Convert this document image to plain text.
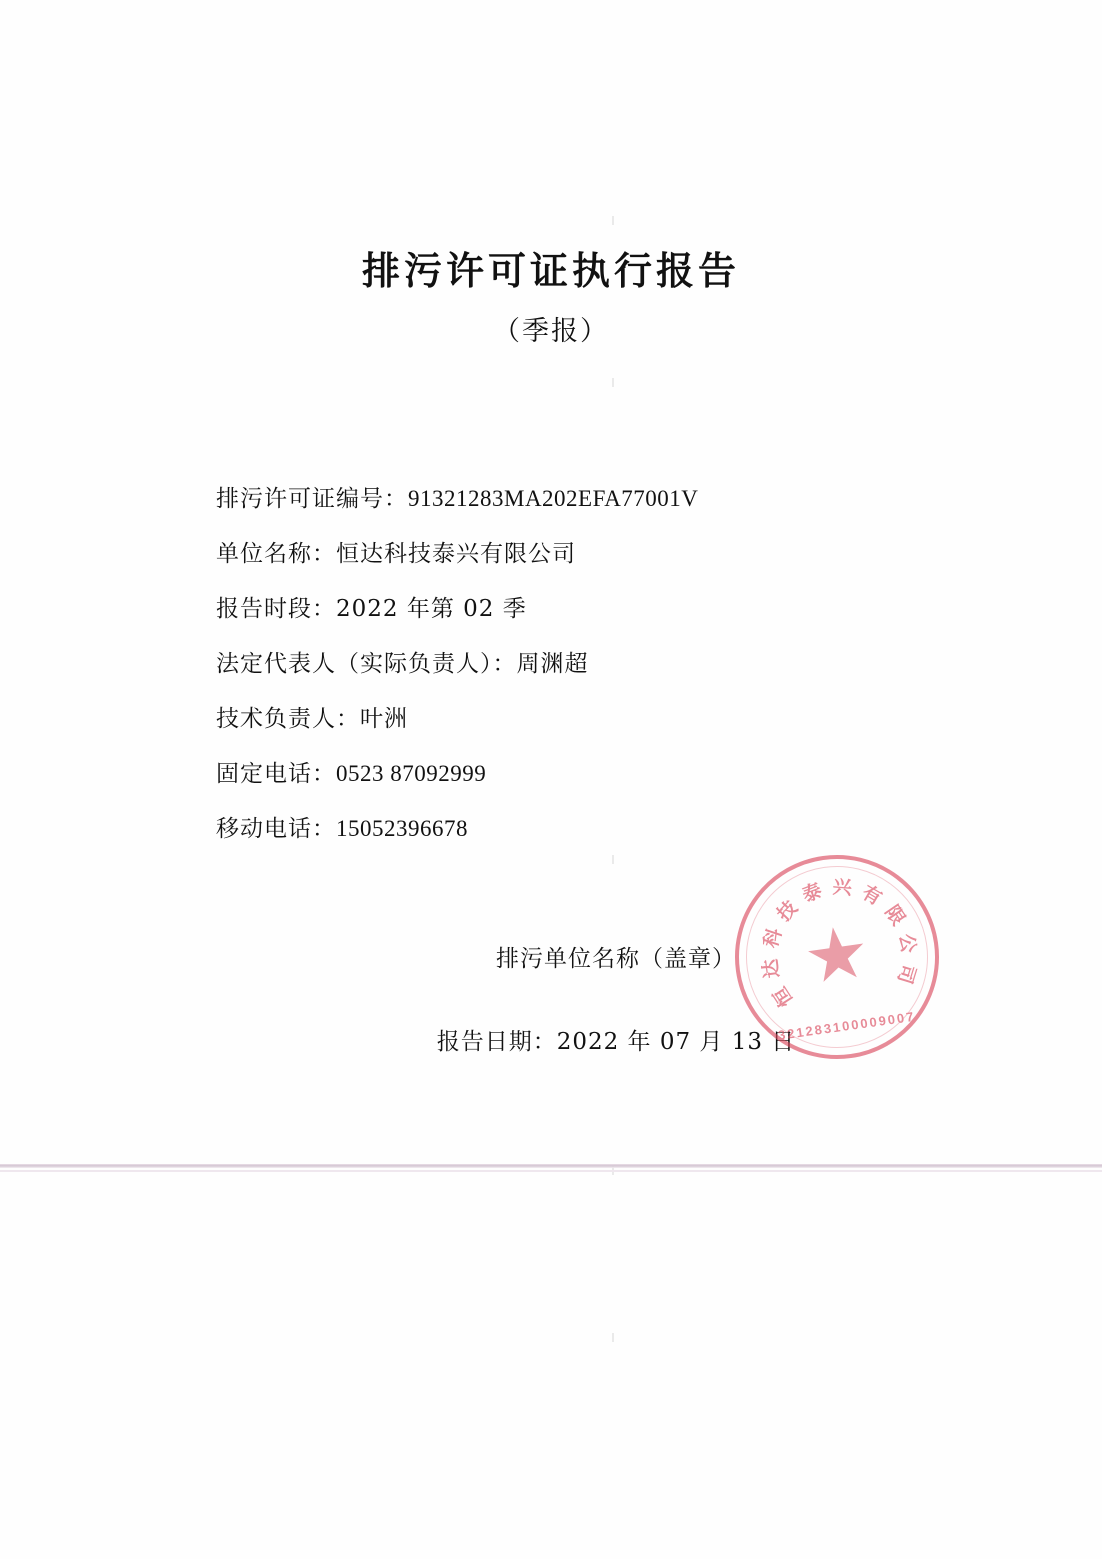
排污许可证执行报告

（季报）

排污许可证编号：91321283MA202EFA77001V
单位名称：恒达科技泰兴有限公司
报告时段：2022 年第 02 季
法定代表人（实际负责人）：周渊超
技术负责人：叶洲
固定电话：0523 87092999
移动电话：15052396678

排污单位名称（盖章）

报告日期：2022 年 07 月 13 日

恒
达
科
技
泰 兴 有
限
公
司
321283100009007
